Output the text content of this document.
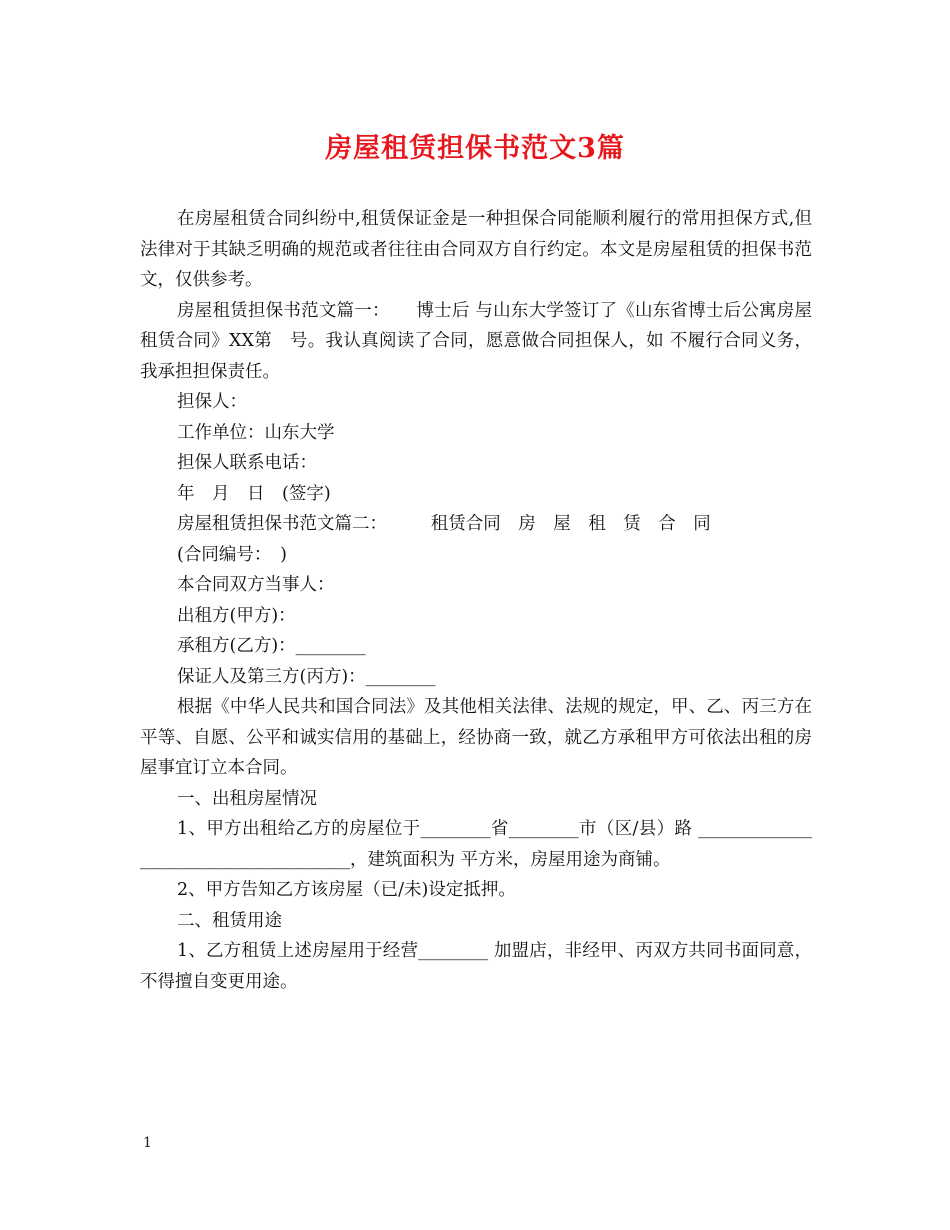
房屋租赁担保书范文3篇

在房屋租赁合同纠纷中,租赁保证金是一种担保合同能顺利履行的常用担保方式,但法律对于其缺乏明确的规范或者往往由合同双方自行约定。本文是房屋租赁的担保书范文，仅供参考。

房屋租赁担保书范文篇一：　　博士后 与山东大学签订了《山东省博士后公寓房屋租赁合同》XX第　号。我认真阅读了合同，愿意做合同担保人，如 不履行合同义务，我承担担保责任。

担保人：

工作单位：山东大学

担保人联系电话：

年　月　日　(签字)

房屋租赁担保书范文篇二：　　　租赁合同　房　屋　租　赁　合　同

(合同编号：　)

本合同双方当事人：

出租方(甲方)：

承租方(乙方)：________

保证人及第三方(丙方)：________

根据《中华人民共和国合同法》及其他相关法律、法规的规定，甲、乙、丙三方在平等、自愿、公平和诚实信用的基础上，经协商一致，就乙方承租甲方可依法出租的房屋事宜订立本合同。

一、出租房屋情况

1、甲方出租给乙方的房屋位于________省________市（区/县）路 _____________________________________，建筑面积为 平方米，房屋用途为商铺。

2、甲方告知乙方该房屋（已/未)设定抵押。

二、租赁用途

1、乙方租赁上述房屋用于经营________ 加盟店，非经甲、丙双方共同书面同意，不得擅自变更用途。

1
